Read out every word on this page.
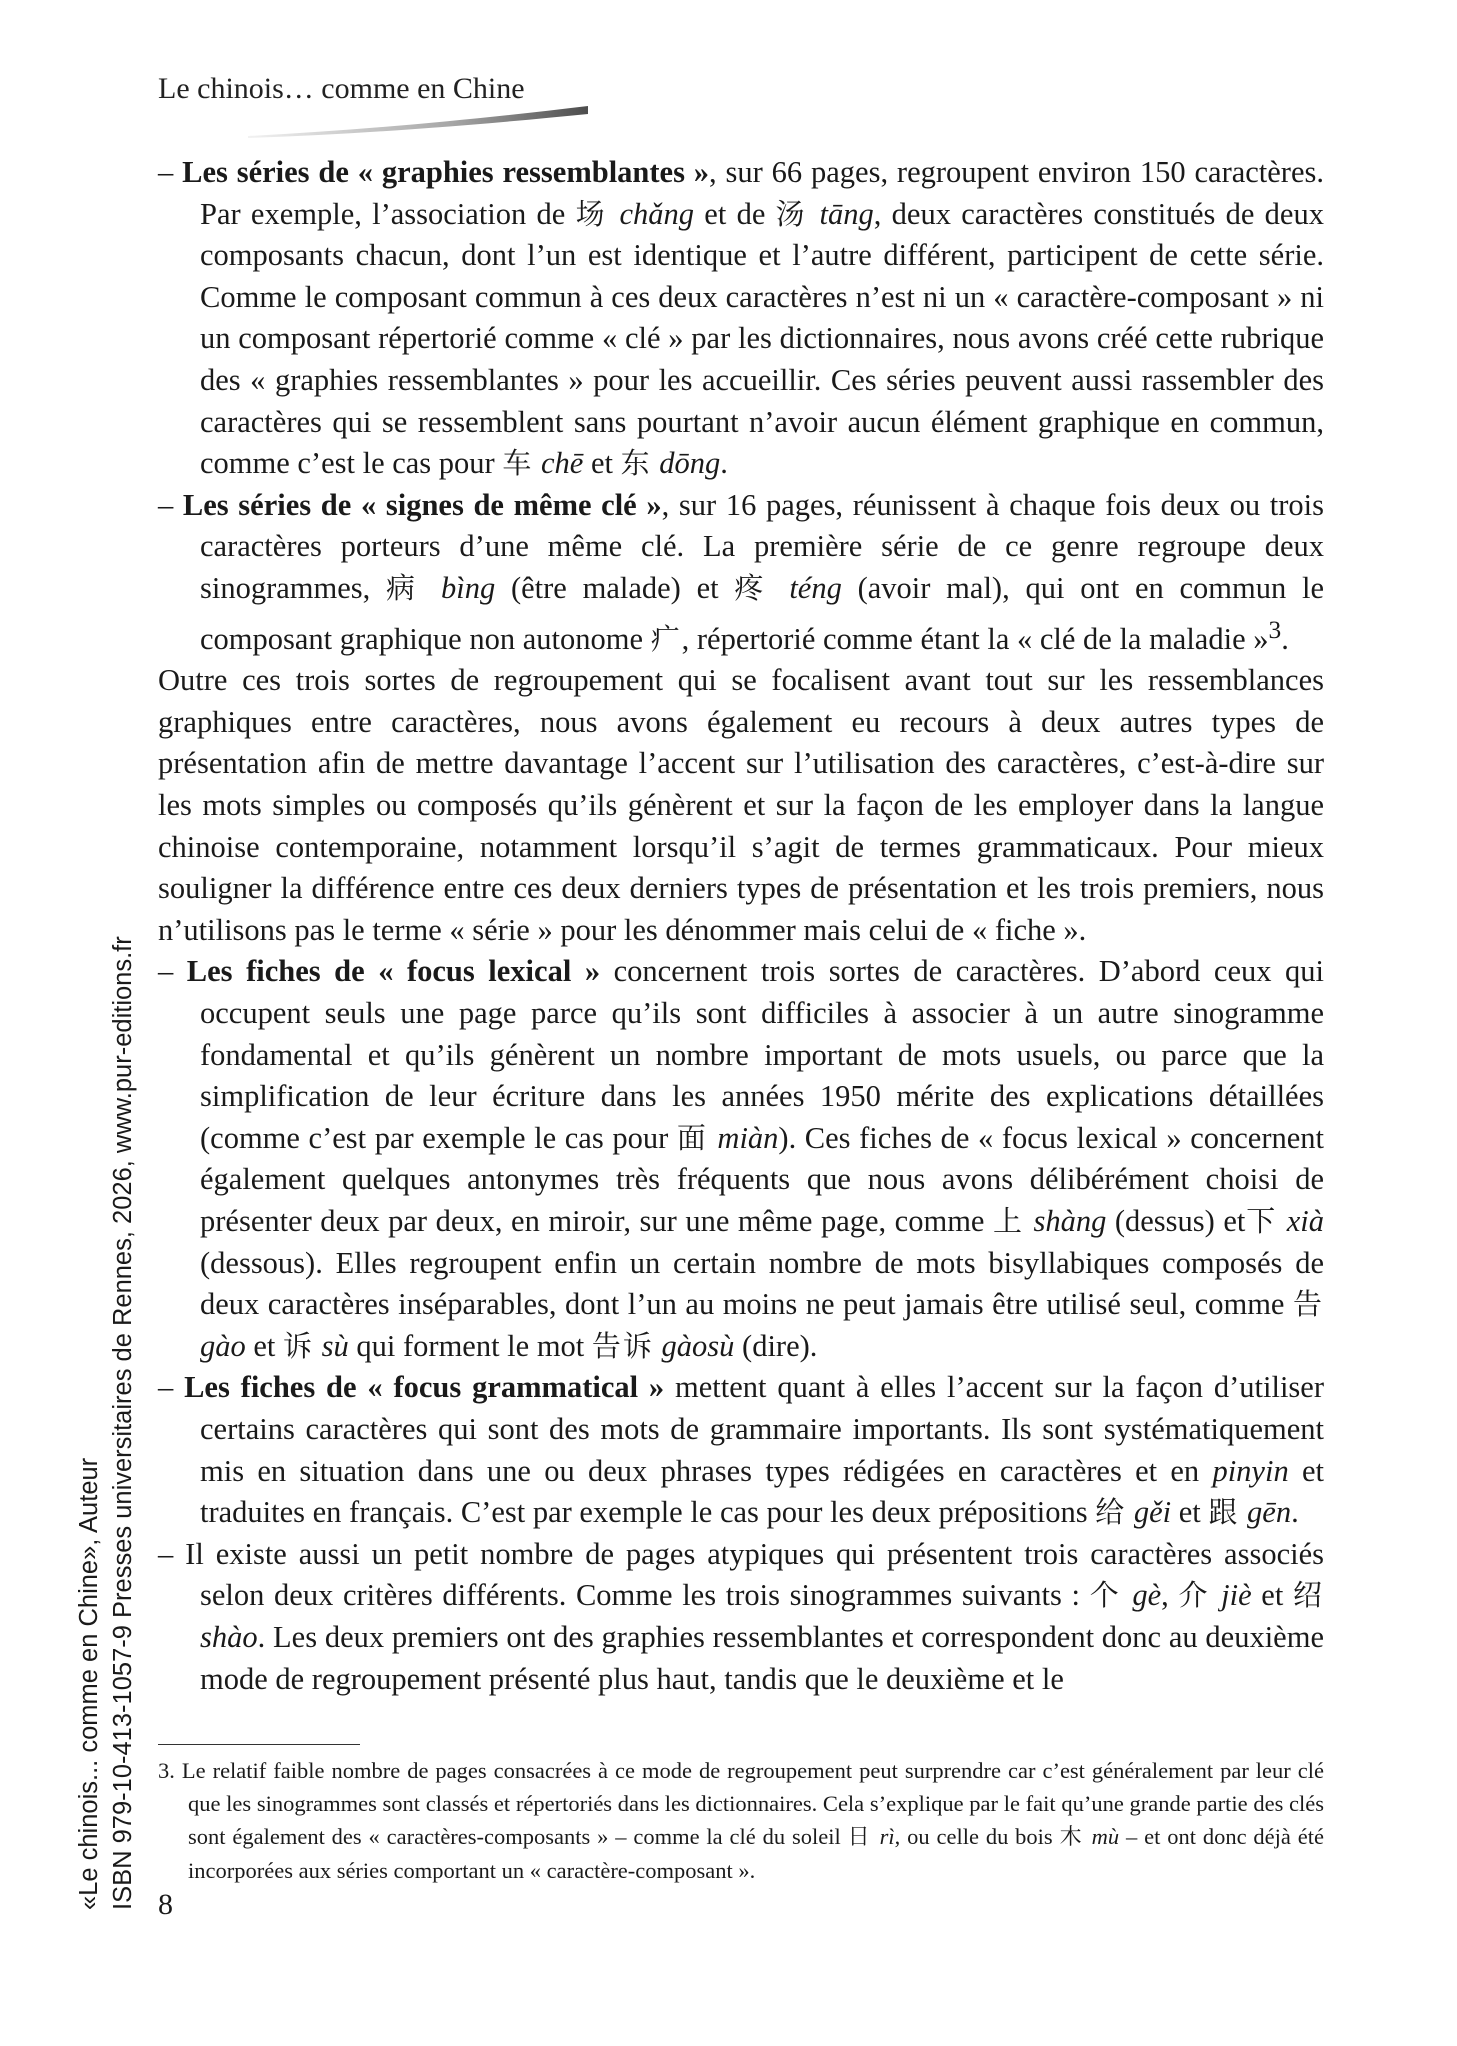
Le chinois… comme en Chine

– Les séries de « graphies ressemblantes », sur 66 pages, regroupent environ 150 caractères. Par exemple, l’association de 场 chǎng et de 汤 tāng, deux caractères constitués de deux composants chacun, dont l’un est identique et l’autre différent, participent de cette série. Comme le composant commun à ces deux caractères n’est ni un « caractère-composant » ni un composant répertorié comme « clé » par les dictionnaires, nous avons créé cette rubrique des « graphies ressemblantes » pour les accueillir. Ces séries peuvent aussi rassembler des caractères qui se ressemblent sans pourtant n’avoir aucun élément graphique en commun, comme c’est le cas pour 车 chē et 东 dōng.

– Les séries de « signes de même clé », sur 16 pages, réunissent à chaque fois deux ou trois caractères porteurs d’une même clé. La première série de ce genre regroupe deux sinogrammes, 病 bìng (être malade) et 疼 téng (avoir mal), qui ont en commun le composant graphique non autonome 疒, répertorié comme étant la « clé de la maladie »$^3$.

Outre ces trois sortes de regroupement qui se focalisent avant tout sur les ressemblances graphiques entre caractères, nous avons également eu recours à deux autres types de présentation afin de mettre davantage l’accent sur l’utilisation des caractères, c’est-à-dire sur les mots simples ou composés qu’ils génèrent et sur la façon de les employer dans la langue chinoise contemporaine, notamment lorsqu’il s’agit de termes grammaticaux. Pour mieux souligner la différence entre ces deux derniers types de présentation et les trois premiers, nous n’utilisons pas le terme « série » pour les dénommer mais celui de « fiche ».

– Les fiches de « focus lexical » concernent trois sortes de caractères. D’abord ceux qui occupent seuls une page parce qu’ils sont difficiles à associer à un autre sinogramme fondamental et qu’ils génèrent un nombre important de mots usuels, ou parce que la simplification de leur écriture dans les années 1950 mérite des explications détaillées (comme c’est par exemple le cas pour 面 miàn). Ces fiches de « focus lexical » concernent également quelques antonymes très fréquents que nous avons délibérément choisi de présenter deux par deux, en miroir, sur une même page, comme 上 shàng (dessus) et下 xià (dessous). Elles regroupent enfin un certain nombre de mots bisyllabiques composés de deux caractères inséparables, dont l’un au moins ne peut jamais être utilisé seul, comme 告 gào et 诉 sù qui forment le mot 告诉 gàosù (dire).

– Les fiches de « focus grammatical » mettent quant à elles l’accent sur la façon d’utiliser certains caractères qui sont des mots de grammaire importants. Ils sont systématiquement mis en situation dans une ou deux phrases types rédigées en caractères et en pinyin et traduites en français. C’est par exemple le cas pour les deux prépositions 给 gěi et 跟 gēn.

– Il existe aussi un petit nombre de pages atypiques qui présentent trois caractères associés selon deux critères différents. Comme les trois sinogrammes suivants : 个 gè, 介 jiè et 绍 shào. Les deux premiers ont des graphies ressemblantes et correspondent donc au deuxième mode de regroupement présenté plus haut, tandis que le deuxième et le

3. Le relatif faible nombre de pages consacrées à ce mode de regroupement peut surprendre car c’est généralement par leur clé que les sinogrammes sont classés et répertoriés dans les dictionnaires. Cela s’explique par le fait qu’une grande partie des clés sont également des « caractères-composants » – comme la clé du soleil 日 rì, ou celle du bois 木 mù – et ont donc déjà été incorporées aux séries comportant un « caractère-composant ».

8
«Le chinois... comme en Chine», Auteur ISBN 979-10-413-1057-9 Presses universitaires de Rennes, 2026, www.pur-editions.fr
